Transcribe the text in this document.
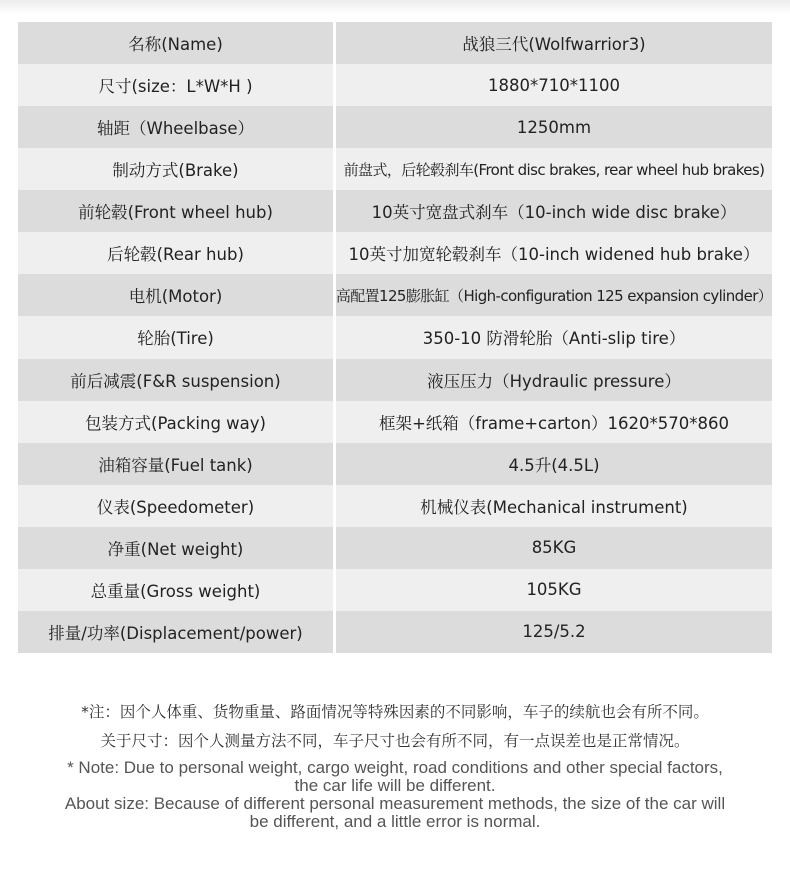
名称(Name)	战狼三代(Wolfwarrior3)
尺寸(size：L*W*H )	1880*710*1100
轴距（Wheelbase）	1250mm
制动方式(Brake)	前盘式，后轮毂刹车(Front disc brakes, rear wheel hub brakes)
前轮毂(Front wheel hub)	10英寸宽盘式刹车（10-inch wide disc brake）
后轮毂(Rear hub)	10英寸加宽轮毂刹车（10-inch widened hub brake）
电机(Motor)	高配置125膨胀缸（High-configuration 125 expansion cylinder）
轮胎(Tire)	350-10 防滑轮胎（Anti-slip tire）
前后减震(F&R suspension)	液压压力（Hydraulic pressure）
包装方式(Packing way)	框架+纸箱（frame+carton）1620*570*860
油箱容量(Fuel tank)	4.5升(4.5L)
仪表(Speedometer)	机械仪表(Mechanical instrument)
净重(Net weight)	85KG
总重量(Gross weight)	105KG
排量/功率(Displacement/power)	125/5.2
*注：因个人体重、货物重量、路面情况等特殊因素的不同影响，车子的续航也会有所不同。
关于尺寸：因个人测量方法不同，车子尺寸也会有所不同，有一点误差也是正常情况。
* Note: Due to personal weight, cargo weight, road conditions and other special factors,
the car life will be different.
About size: Because of different personal measurement methods, the size of the car will
be different, and a little error is normal.
